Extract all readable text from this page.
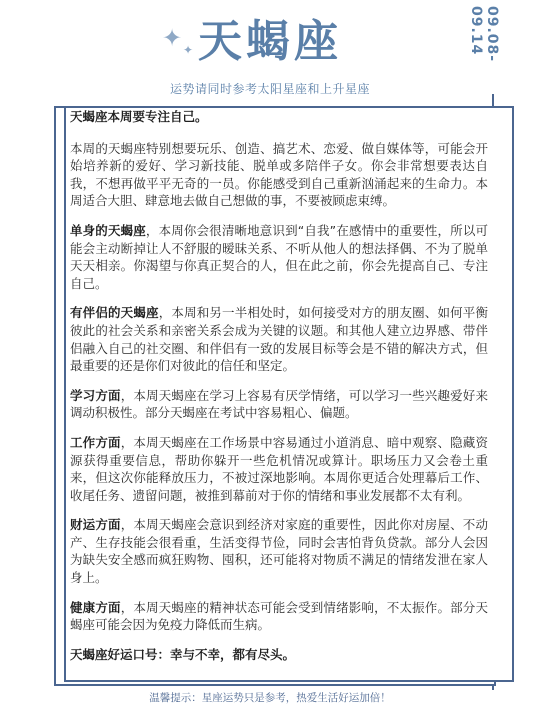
✦ ✦ 天蝎座
运势请同时参考太阳星座和上升星座
09.08-09.14

天蝎座本周要专注自己。

本周的天蝎座特别想要玩乐、创造、搞艺术、恋爱、做自媒体等，可能会开始培养新的爱好、学习新技能、脱单或多陪伴子女。你会非常想要表达自我，不想再做平平无奇的一员。你能感受到自己重新汹涌起来的生命力。本周适合大胆、肆意地去做自己想做的事，不要被顾虑束缚。

单身的天蝎座，本周你会很清晰地意识到“自我”在感情中的重要性，所以可能会主动断掉让人不舒服的暧昧关系、不听从他人的想法择偶、不为了脱单天天相亲。你渴望与你真正契合的人，但在此之前，你会先提高自己、专注自己。

有伴侣的天蝎座，本周和另一半相处时，如何接受对方的朋友圈、如何平衡彼此的社会关系和亲密关系会成为关键的议题。和其他人建立边界感、带伴侣融入自己的社交圈、和伴侣有一致的发展目标等会是不错的解决方式，但最重要的还是你们对彼此的信任和坚定。

学习方面，本周天蝎座在学习上容易有厌学情绪，可以学习一些兴趣爱好来调动积极性。部分天蝎座在考试中容易粗心、偏题。

工作方面，本周天蝎座在工作场景中容易通过小道消息、暗中观察、隐藏资源获得重要信息，帮助你躲开一些危机情况或算计。职场压力又会卷土重来，但这次你能释放压力，不被过深地影响。本周你更适合处理幕后工作、收尾任务、遗留问题，被推到幕前对于你的情绪和事业发展都不太有利。

财运方面，本周天蝎座会意识到经济对家庭的重要性，因此你对房屋、不动产、生存技能会很看重，生活变得节俭，同时会害怕背负贷款。部分人会因为缺失安全感而疯狂购物、囤积，还可能将对物质不满足的情绪发泄在家人身上。

健康方面，本周天蝎座的精神状态可能会受到情绪影响，不太振作。部分天蝎座可能会因为免疫力降低而生病。

天蝎座好运口号：幸与不幸，都有尽头。

温馨提示：星座运势只是参考，热爱生活好运加倍！
